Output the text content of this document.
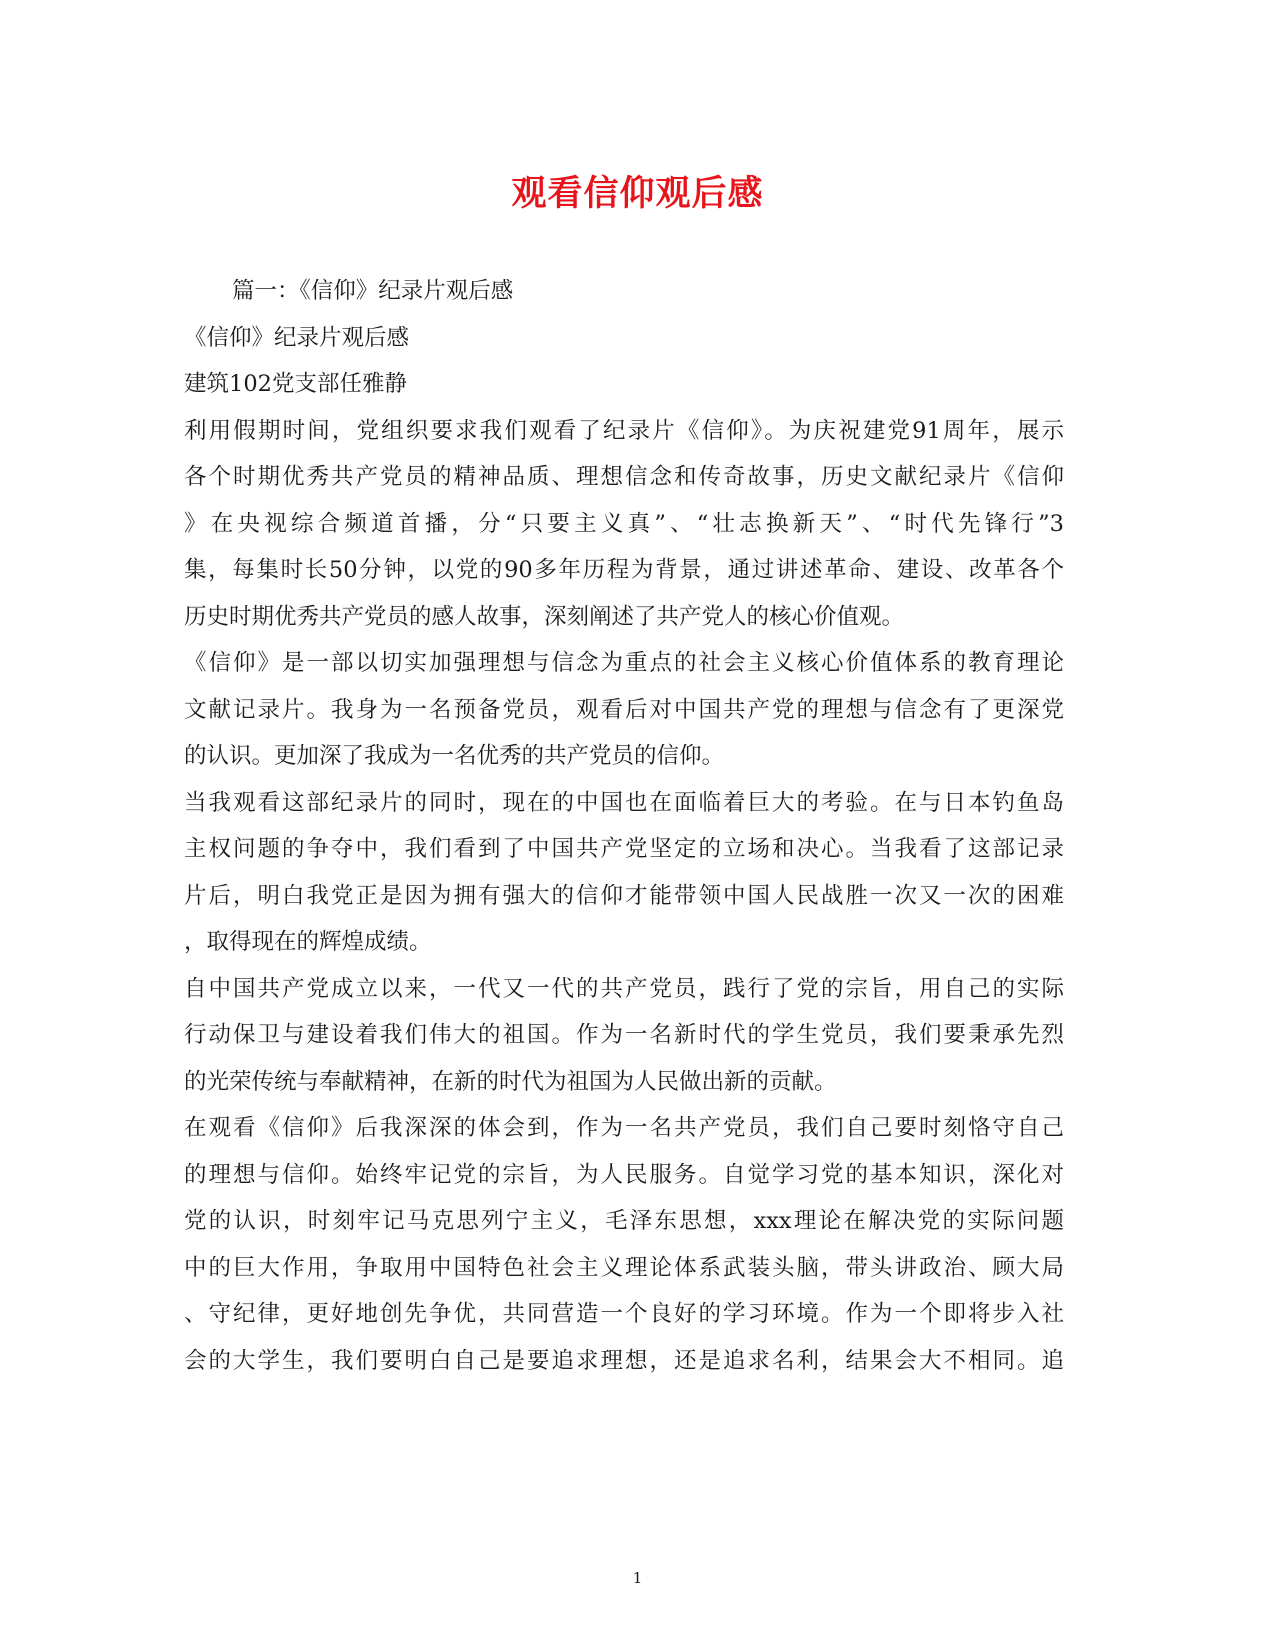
观看信仰观后感
篇一：《信仰》纪录片观后感
《信仰》纪录片观后感
建筑102党支部任雅静
利用假期时间，党组织要求我们观看了纪录片《信仰》。为庆祝建党91周年，展示
各个时期优秀共产党员的精神品质、理想信念和传奇故事，历史文献纪录片《信仰
》在央视综合频道首播，分“只要主义真”、“壮志换新天”、“时代先锋行”3
集，每集时长50分钟，以党的90多年历程为背景，通过讲述革命、建设、改革各个
历史时期优秀共产党员的感人故事，深刻阐述了共产党人的核心价值观。
《信仰》是一部以切实加强理想与信念为重点的社会主义核心价值体系的教育理论
文献记录片。我身为一名预备党员，观看后对中国共产党的理想与信念有了更深党
的认识。更加深了我成为一名优秀的共产党员的信仰。
当我观看这部纪录片的同时，现在的中国也在面临着巨大的考验。在与日本钓鱼岛
主权问题的争夺中，我们看到了中国共产党坚定的立场和决心。当我看了这部记录
片后，明白我党正是因为拥有强大的信仰才能带领中国人民战胜一次又一次的困难
，取得现在的辉煌成绩。
自中国共产党成立以来，一代又一代的共产党员，践行了党的宗旨，用自己的实际
行动保卫与建设着我们伟大的祖国。作为一名新时代的学生党员，我们要秉承先烈
的光荣传统与奉献精神，在新的时代为祖国为人民做出新的贡献。
在观看《信仰》后我深深的体会到，作为一名共产党员，我们自己要时刻恪守自己
的理想与信仰。始终牢记党的宗旨，为人民服务。自觉学习党的基本知识，深化对
党的认识，时刻牢记马克思列宁主义，毛泽东思想，xxx理论在解决党的实际问题
中的巨大作用，争取用中国特色社会主义理论体系武装头脑，带头讲政治、顾大局
、守纪律，更好地创先争优，共同营造一个良好的学习环境。作为一个即将步入社
会的大学生，我们要明白自己是要追求理想，还是追求名利，结果会大不相同。追
1
